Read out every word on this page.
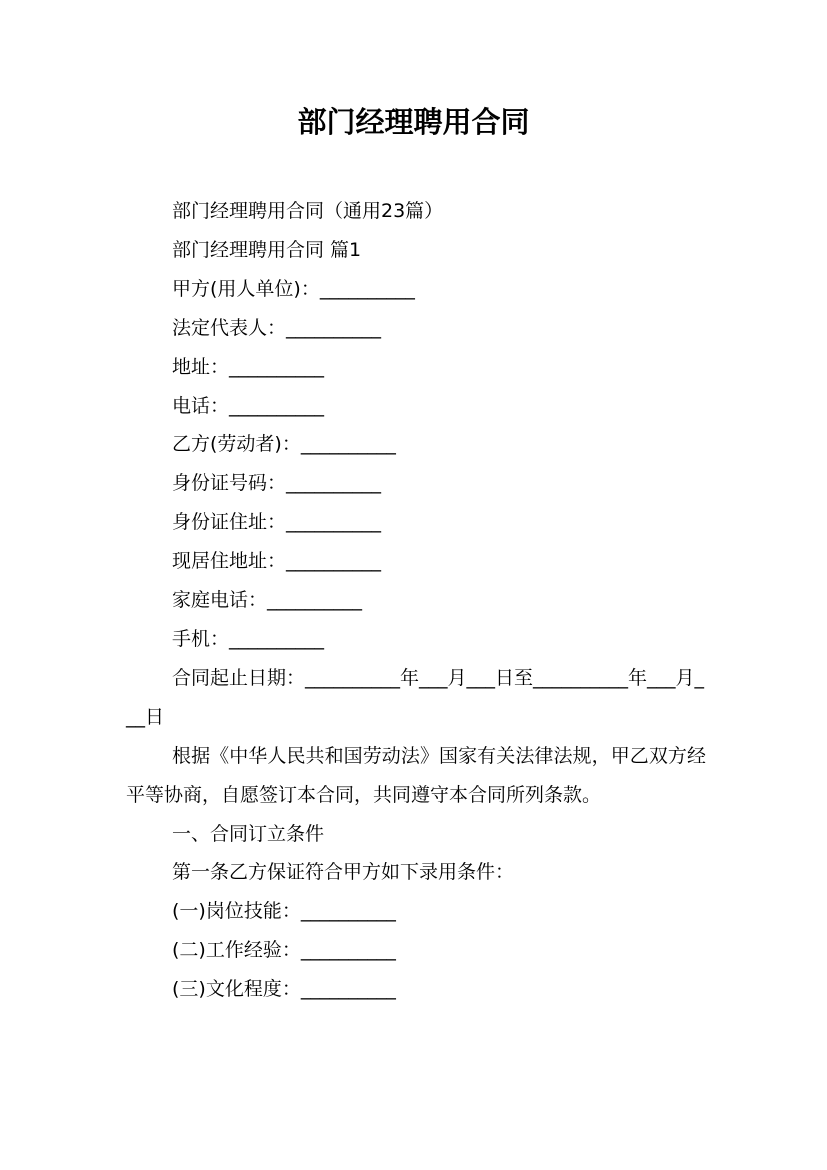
部门经理聘用合同

部门经理聘用合同（通用23篇）

部门经理聘用合同 篇1

甲方(用人单位)：__________

法定代表人：__________

地址：__________

电话：__________

乙方(劳动者)：__________

身份证号码：__________

身份证住址：__________

现居住地址：__________

家庭电话：__________

手机：__________

合同起止日期：__________年___月___日至__________年___月___日

根据《中华人民共和国劳动法》国家有关法律法规，甲乙双方经平等协商，自愿签订本合同，共同遵守本合同所列条款。

一、合同订立条件

第一条乙方保证符合甲方如下录用条件：

(一)岗位技能：__________

(二)工作经验：__________

(三)文化程度：__________
